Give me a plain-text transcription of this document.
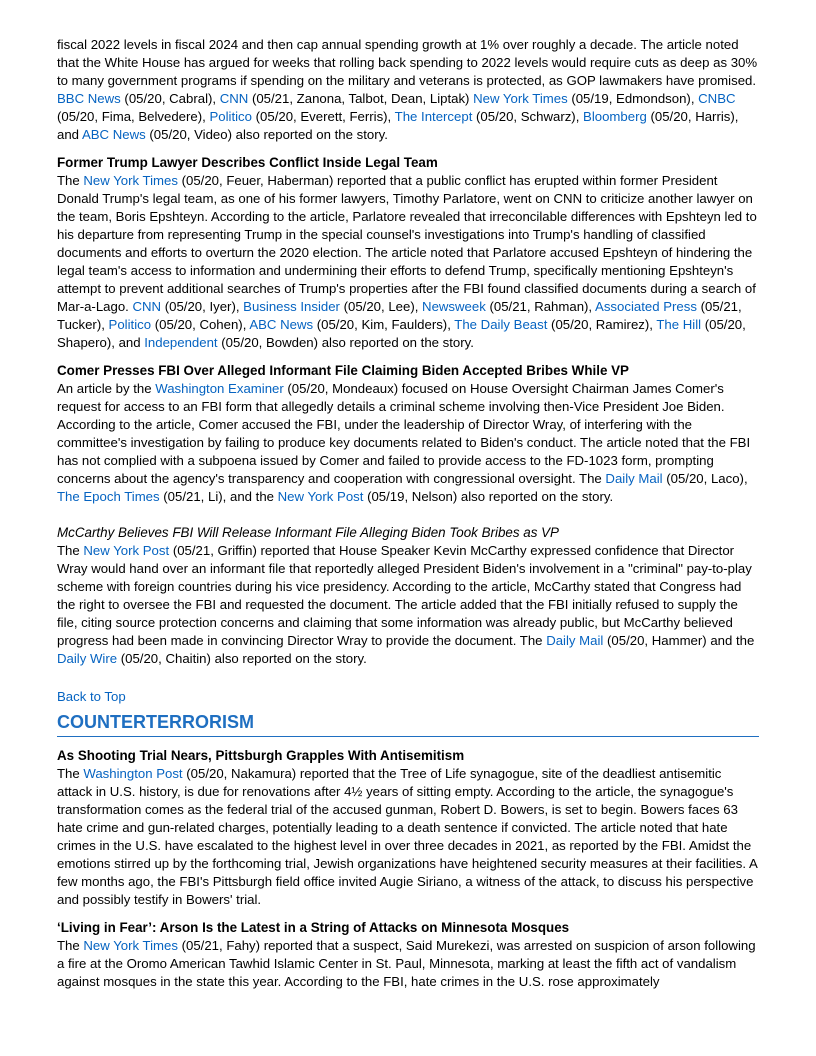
fiscal 2022 levels in fiscal 2024 and then cap annual spending growth at 1% over roughly a decade. The article noted that the White House has argued for weeks that rolling back spending to 2022 levels would require cuts as deep as 30% to many government programs if spending on the military and veterans is protected, as GOP lawmakers have promised. BBC News (05/20, Cabral), CNN (05/21, Zanona, Talbot, Dean, Liptak) New York Times (05/19, Edmondson), CNBC (05/20, Fima, Belvedere), Politico (05/20, Everett, Ferris), The Intercept (05/20, Schwarz), Bloomberg (05/20, Harris), and ABC News (05/20, Video) also reported on the story.

Former Trump Lawyer Describes Conflict Inside Legal Team
The New York Times (05/20, Feuer, Haberman) reported that a public conflict has erupted within former President Donald Trump's legal team, as one of his former lawyers, Timothy Parlatore, went on CNN to criticize another lawyer on the team, Boris Epshteyn. According to the article, Parlatore revealed that irreconcilable differences with Epshteyn led to his departure from representing Trump in the special counsel's investigations into Trump's handling of classified documents and efforts to overturn the 2020 election. The article noted that Parlatore accused Epshteyn of hindering the legal team's access to information and undermining their efforts to defend Trump, specifically mentioning Epshteyn's attempt to prevent additional searches of Trump's properties after the FBI found classified documents during a search of Mar-a-Lago. CNN (05/20, Iyer), Business Insider (05/20, Lee), Newsweek (05/21, Rahman), Associated Press (05/21, Tucker), Politico (05/20, Cohen), ABC News (05/20, Kim, Faulders), The Daily Beast (05/20, Ramirez), The Hill (05/20, Shapero), and Independent (05/20, Bowden) also reported on the story.
Comer Presses FBI Over Alleged Informant File Claiming Biden Accepted Bribes While VP
An article by the Washington Examiner (05/20, Mondeaux) focused on House Oversight Chairman James Comer's request for access to an FBI form that allegedly details a criminal scheme involving then-Vice President Joe Biden. According to the article, Comer accused the FBI, under the leadership of Director Wray, of interfering with the committee's investigation by failing to produce key documents related to Biden's conduct. The article noted that the FBI has not complied with a subpoena issued by Comer and failed to provide access to the FD-1023 form, prompting concerns about the agency's transparency and cooperation with congressional oversight. The Daily Mail (05/20, Laco), The Epoch Times (05/21, Li), and the New York Post (05/19, Nelson) also reported on the story.
McCarthy Believes FBI Will Release Informant File Alleging Biden Took Bribes as VP
The New York Post (05/21, Griffin) reported that House Speaker Kevin McCarthy expressed confidence that Director Wray would hand over an informant file that reportedly alleged President Biden's involvement in a "criminal" pay-to-play scheme with foreign countries during his vice presidency. According to the article, McCarthy stated that Congress had the right to oversee the FBI and requested the document. The article added that the FBI initially refused to supply the file, citing source protection concerns and claiming that some information was already public, but McCarthy believed progress had been made in convincing Director Wray to provide the document. The Daily Mail (05/20, Hammer) and the Daily Wire (05/20, Chaitin) also reported on the story.
Back to Top
COUNTERTERRORISM
As Shooting Trial Nears, Pittsburgh Grapples With Antisemitism
The Washington Post (05/20, Nakamura) reported that the Tree of Life synagogue, site of the deadliest antisemitic attack in U.S. history, is due for renovations after 4½ years of sitting empty. According to the article, the synagogue's transformation comes as the federal trial of the accused gunman, Robert D. Bowers, is set to begin. Bowers faces 63 hate crime and gun-related charges, potentially leading to a death sentence if convicted. The article noted that hate crimes in the U.S. have escalated to the highest level in over three decades in 2021, as reported by the FBI. Amidst the emotions stirred up by the forthcoming trial, Jewish organizations have heightened security measures at their facilities. A few months ago, the FBI's Pittsburgh field office invited Augie Siriano, a witness of the attack, to discuss his perspective and possibly testify in Bowers' trial.
‘Living in Fear’: Arson Is the Latest in a String of Attacks on Minnesota Mosques
The New York Times (05/21, Fahy) reported that a suspect, Said Murekezi, was arrested on suspicion of arson following a fire at the Oromo American Tawhid Islamic Center in St. Paul, Minnesota, marking at least the fifth act of vandalism against mosques in the state this year. According to the FBI, hate crimes in the U.S. rose approximately
